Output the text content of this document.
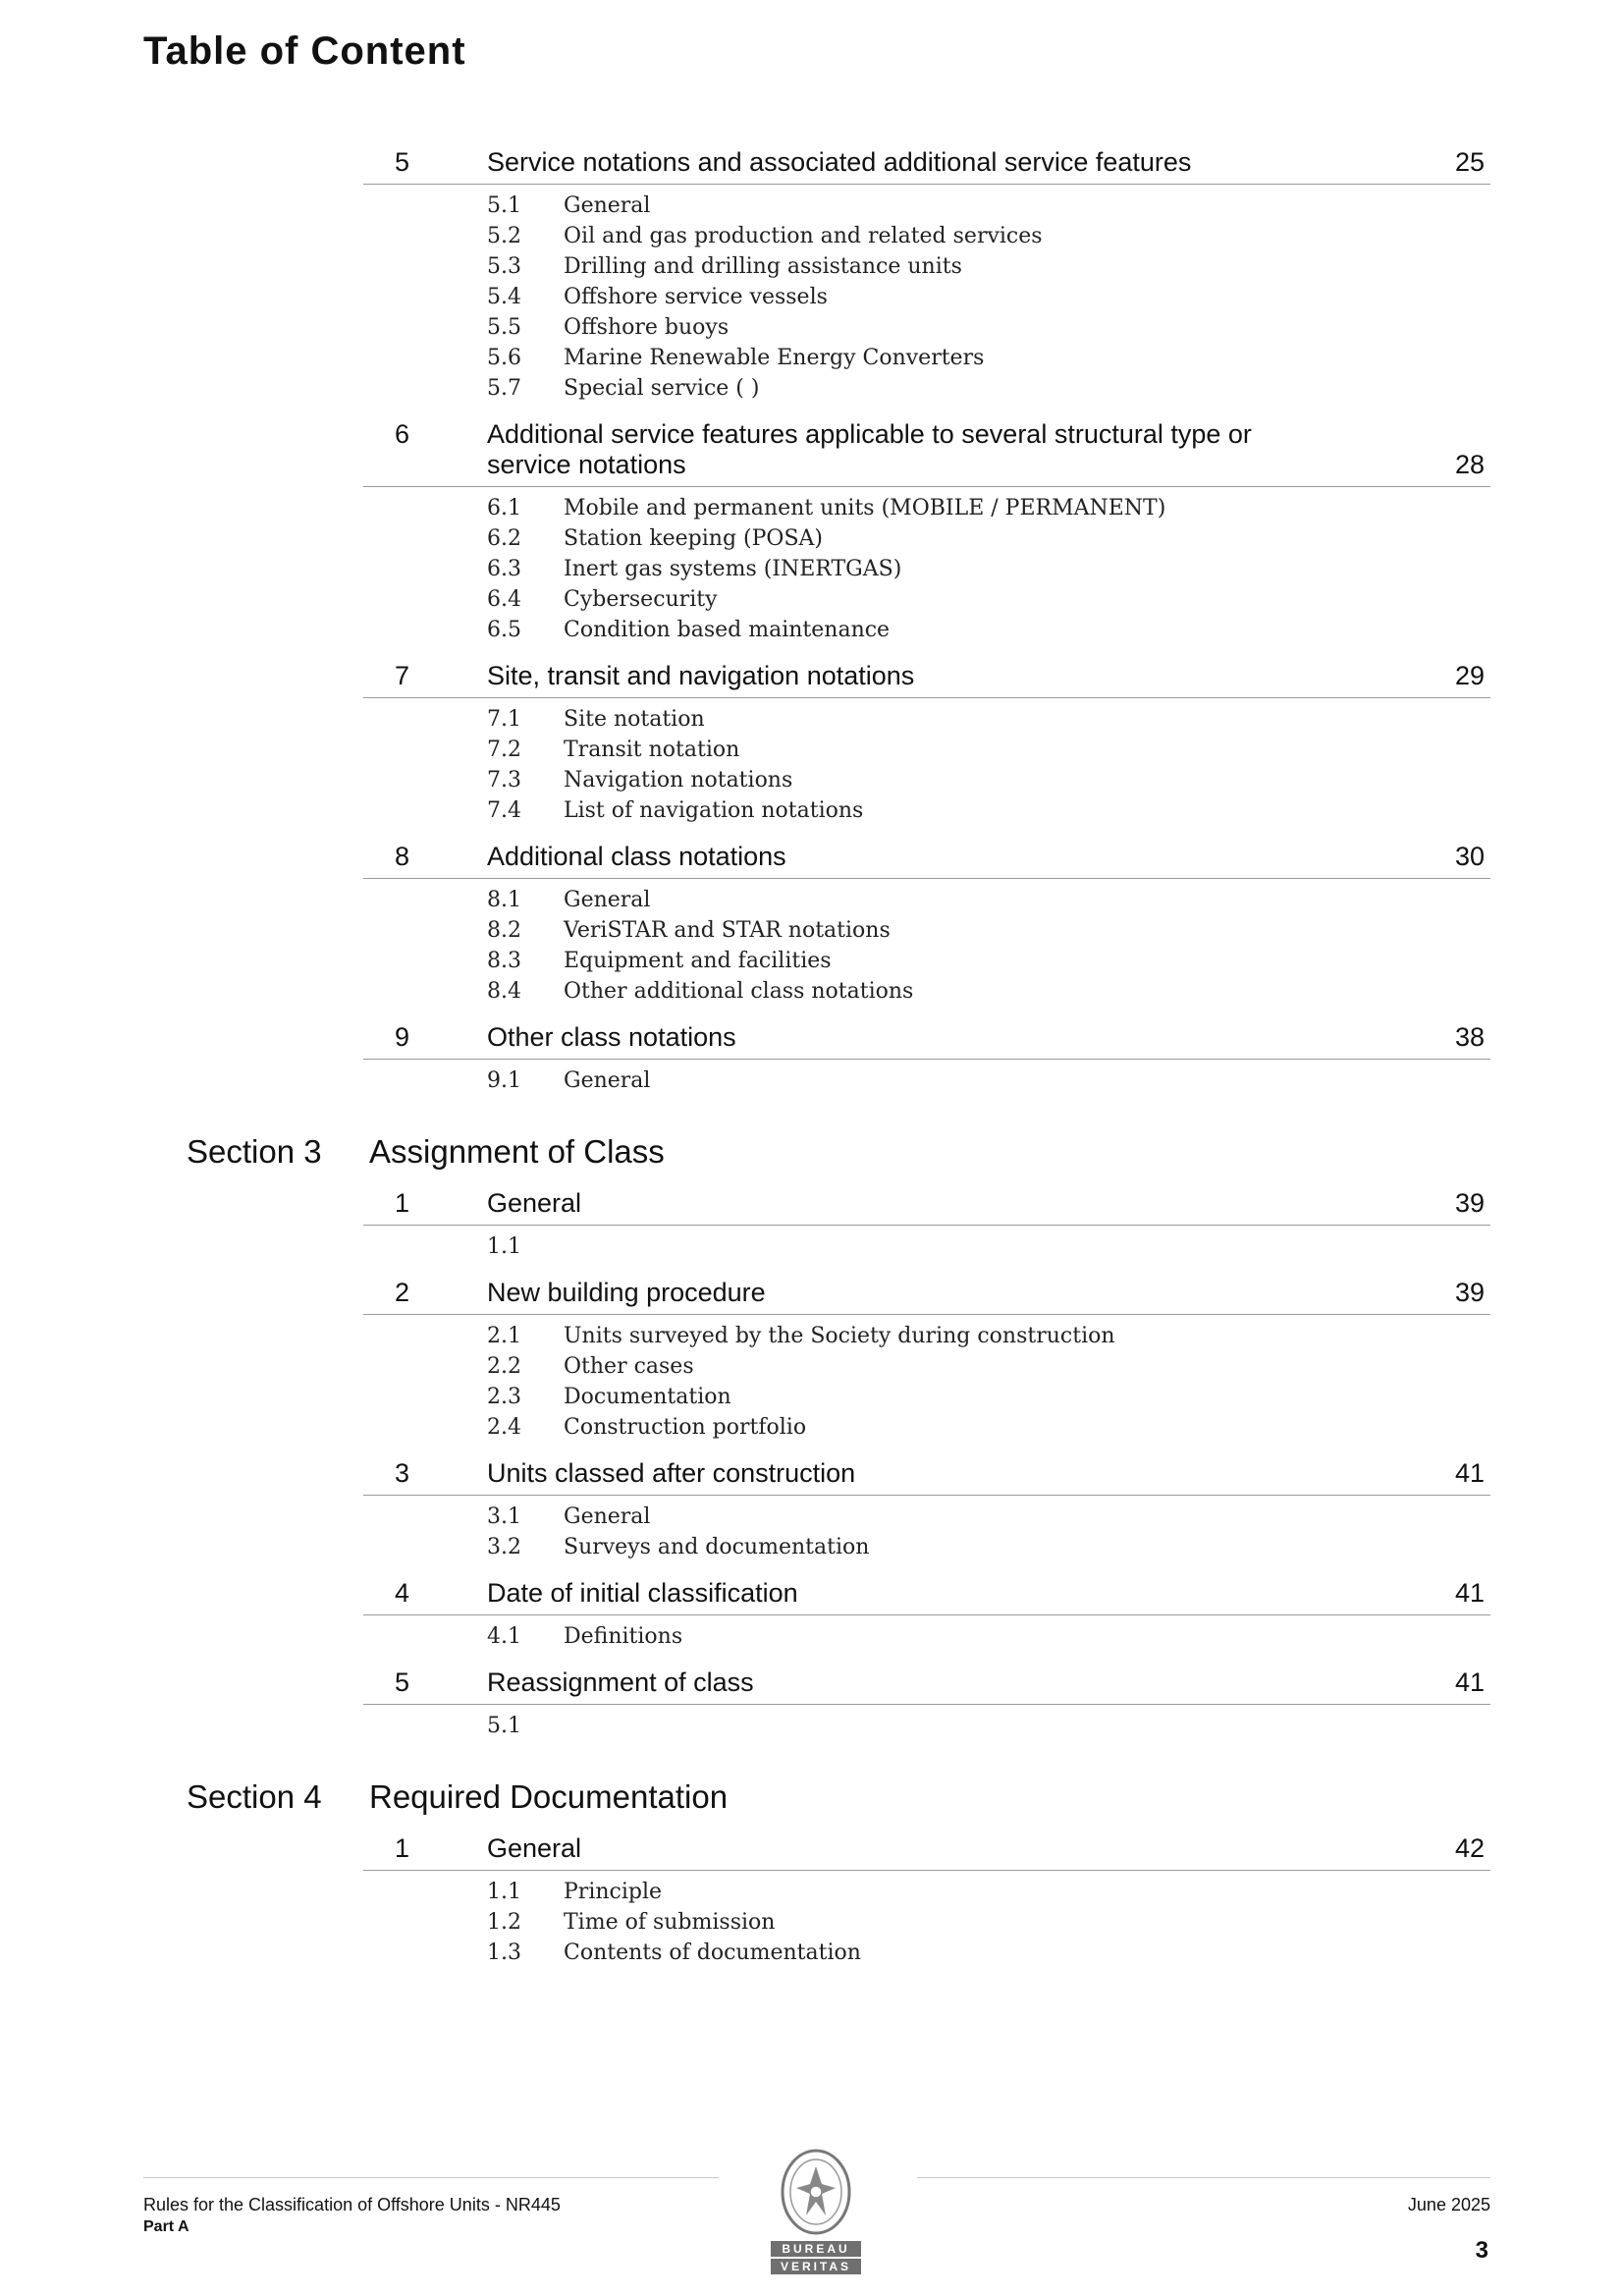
Table of Content
5	Service notations and associated additional service features	25
5.1	General
5.2	Oil and gas production and related services
5.3	Drilling and drilling assistance units
5.4	Offshore service vessels
5.5	Offshore buoys
5.6	Marine Renewable Energy Converters
5.7	Special service ( )
6	Additional service features applicable to several structural type or
service notations	28
6.1	Mobile and permanent units (MOBILE / PERMANENT)
6.2	Station keeping (POSA)
6.3	Inert gas systems (INERTGAS)
6.4	Cybersecurity
6.5	Condition based maintenance
7	Site, transit and navigation notations	29
7.1	Site notation
7.2	Transit notation
7.3	Navigation notations
7.4	List of navigation notations
8	Additional class notations	30
8.1	General
8.2	VeriSTAR and STAR notations
8.3	Equipment and facilities
8.4	Other additional class notations
9	Other class notations	38
9.1	General
Section 3 Assignment of Class
1	General	39
1.1
2	New building procedure	39
2.1	Units surveyed by the Society during construction
2.2	Other cases
2.3	Documentation
2.4	Construction portfolio
3	Units classed after construction	41
3.1	General
3.2	Surveys and documentation
4	Date of initial classification	41
4.1	Definitions
5	Reassignment of class	41
5.1
Section 4 Required Documentation
1	General	42
1.1	Principle
1.2	Time of submission
1.3	Contents of documentation
BUREAU
VERITAS
Rules for the Classification of Offshore Units - NR445
Part A
June 2025
3
